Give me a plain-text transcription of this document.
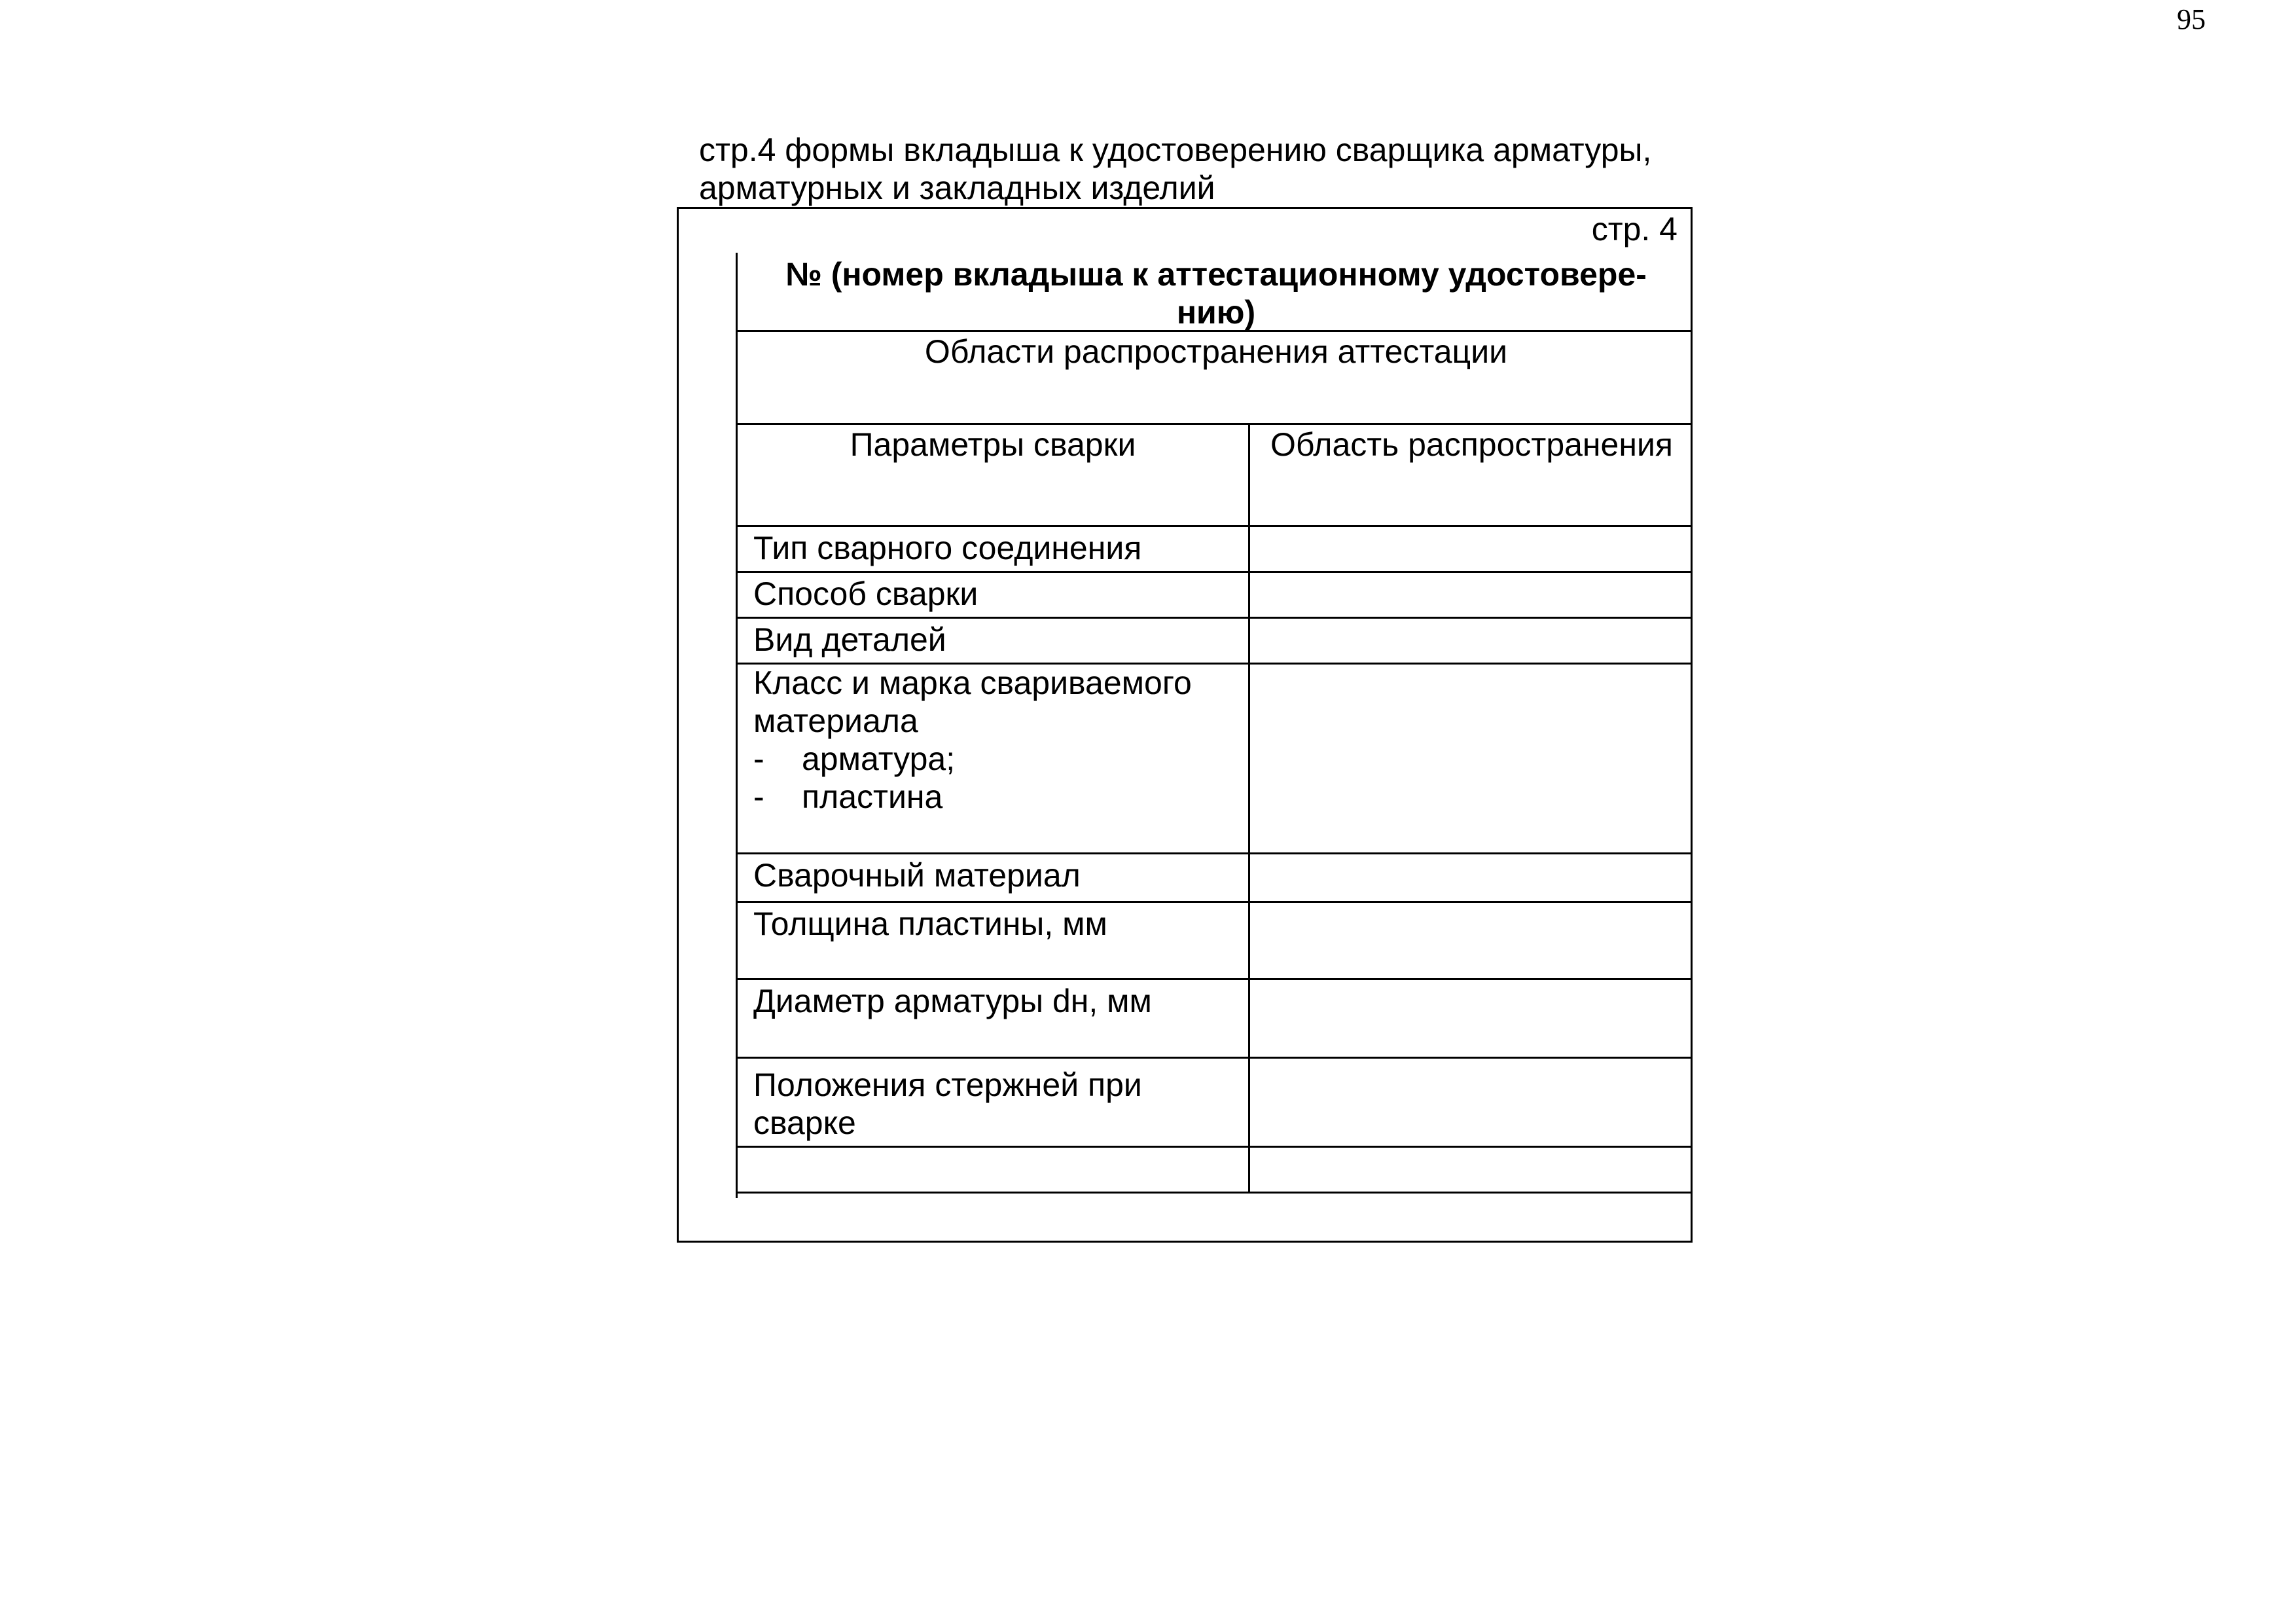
95
стр.4 формы вкладыша к удостоверению сварщика арматуры,
арматурных и закладных изделий
стр. 4
№ (номер вкладыша к аттестационному удостовере-
нию)
Области распространения аттестации
Параметры сварки	Область распространения
Тип сварного соединения
Способ сварки
Вид деталей
Класс и марка свариваемого
материала
-	арматура;
-	пластина
Сварочный материал
Толщина пластины, мм
Диаметр арматуры dн, мм
Положения стержней при
сварке
